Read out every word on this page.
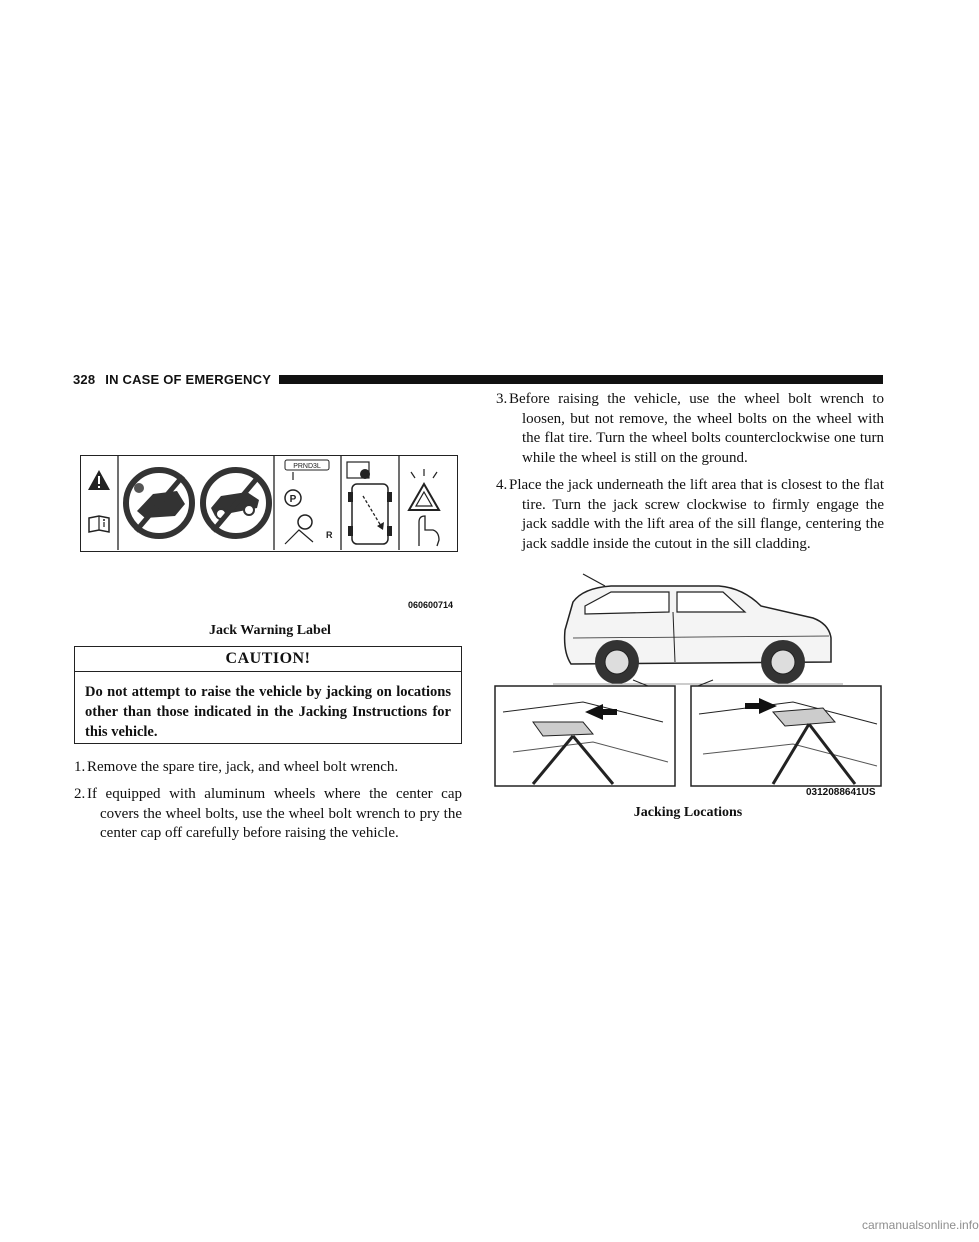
328 IN CASE OF EMERGENCY
PRND3L
P
R
060600714
Jack Warning Label
CAUTION!
Do not attempt to raise the vehicle by jacking on locations other than those indicated in the Jacking Instructions for this vehicle.
1. Remove the spare tire, jack, and wheel bolt wrench.
2. If equipped with aluminum wheels where the center cap covers the wheel bolts, use the wheel bolt wrench to pry the center cap off carefully before raising the vehicle.
3. Before raising the vehicle, use the wheel bolt wrench to loosen, but not remove, the wheel bolts on the wheel with the flat tire. Turn the wheel bolts counterclockwise one turn while the wheel is still on the ground.
4. Place the jack underneath the lift area that is closest to the flat tire. Turn the jack screw clockwise to firmly engage the jack saddle with the lift area of the sill flange, centering the jack saddle inside the cutout in the sill cladding.
0312088641US
Jacking Locations
carmanualsonline.info
